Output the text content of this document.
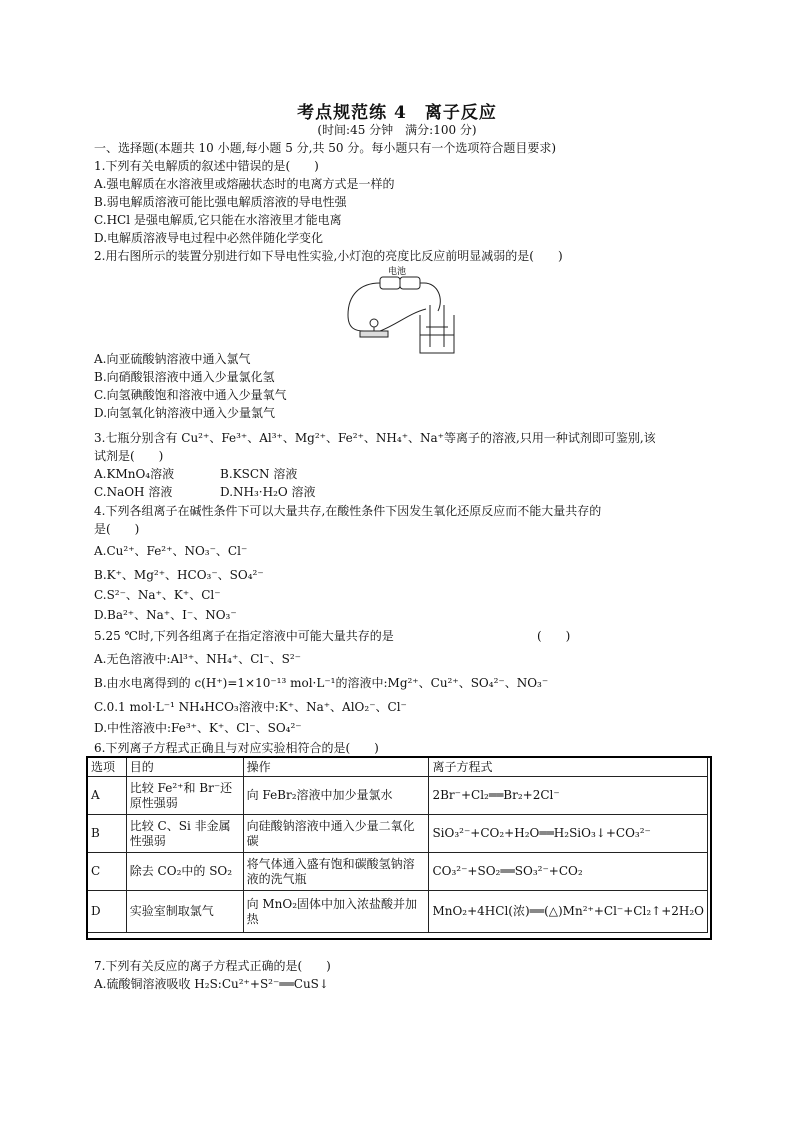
考点规范练 4　离子反应
(时间:45 分钟　满分:100 分)
一、选择题(本题共 10 小题,每小题 5 分,共 50 分。每小题只有一个选项符合题目要求)
1.下列有关电解质的叙述中错误的是(　　)
A.强电解质在水溶液里或熔融状态时的电离方式是一样的
B.弱电解质溶液可能比强电解质溶液的导电性强
C.HCl 是强电解质,它只能在水溶液里才能电离
D.电解质溶液导电过程中必然伴随化学变化
2.用右图所示的装置分别进行如下导电性实验,小灯泡的亮度比反应前明显减弱的是(　　)
电池
A.向亚硫酸钠溶液中通入氯气
B.向硝酸银溶液中通入少量氯化氢
C.向氢碘酸饱和溶液中通入少量氧气
D.向氢氧化钠溶液中通入少量氯气
3.七瓶分别含有 Cu²⁺、Fe³⁺、Al³⁺、Mg²⁺、Fe²⁺、NH₄⁺、Na⁺等离子的溶液,只用一种试剂即可鉴别,该
试剂是(　　)
A.KMnO₄溶液	B.KSCN 溶液
C.NaOH 溶液	D.NH₃·H₂O 溶液
4.下列各组离子在碱性条件下可以大量共存,在酸性条件下因发生氧化还原反应而不能大量共存的
是(　　)
A.Cu²⁺、Fe²⁺、NO₃⁻、Cl⁻
B.K⁺、Mg²⁺、HCO₃⁻、SO₄²⁻
C.S²⁻、Na⁺、K⁺、Cl⁻
D.Ba²⁺、Na⁺、I⁻、NO₃⁻
5.25 ℃时,下列各组离子在指定溶液中可能大量共存的是	(　　)
A.无色溶液中:Al³⁺、NH₄⁺、Cl⁻、S²⁻
B.由水电离得到的 c(H⁺)=1×10⁻¹³ mol·L⁻¹的溶液中:Mg²⁺、Cu²⁺、SO₄²⁻、NO₃⁻
C.0.1 mol·L⁻¹ NH₄HCO₃溶液中:K⁺、Na⁺、AlO₂⁻、Cl⁻
D.中性溶液中:Fe³⁺、K⁺、Cl⁻、SO₄²⁻
6.下列离子方程式正确且与对应实验相符合的是(　　)
选项	目的	操作	离子方程式
A	比较 Fe²⁺和 Br⁻还原性强弱	向 FeBr₂溶液中加少量氯水	2Br⁻+Cl₂══Br₂+2Cl⁻
B	比较 C、Si 非金属性强弱	向硅酸钠溶液中通入少量二氧化碳	SiO₃²⁻+CO₂+H₂O══H₂SiO₃↓+CO₃²⁻
C	除去 CO₂中的 SO₂	将气体通入盛有饱和碳酸氢钠溶液的洗气瓶	CO₃²⁻+SO₂══SO₃²⁻+CO₂
D	实验室制取氯气	向 MnO₂固体中加入浓盐酸并加热	MnO₂+4HCl(浓)══(△)Mn²⁺+Cl⁻+Cl₂↑+2H₂O
7.下列有关反应的离子方程式正确的是(　　)
A.硫酸铜溶液吸收 H₂S:Cu²⁺+S²⁻══CuS↓
